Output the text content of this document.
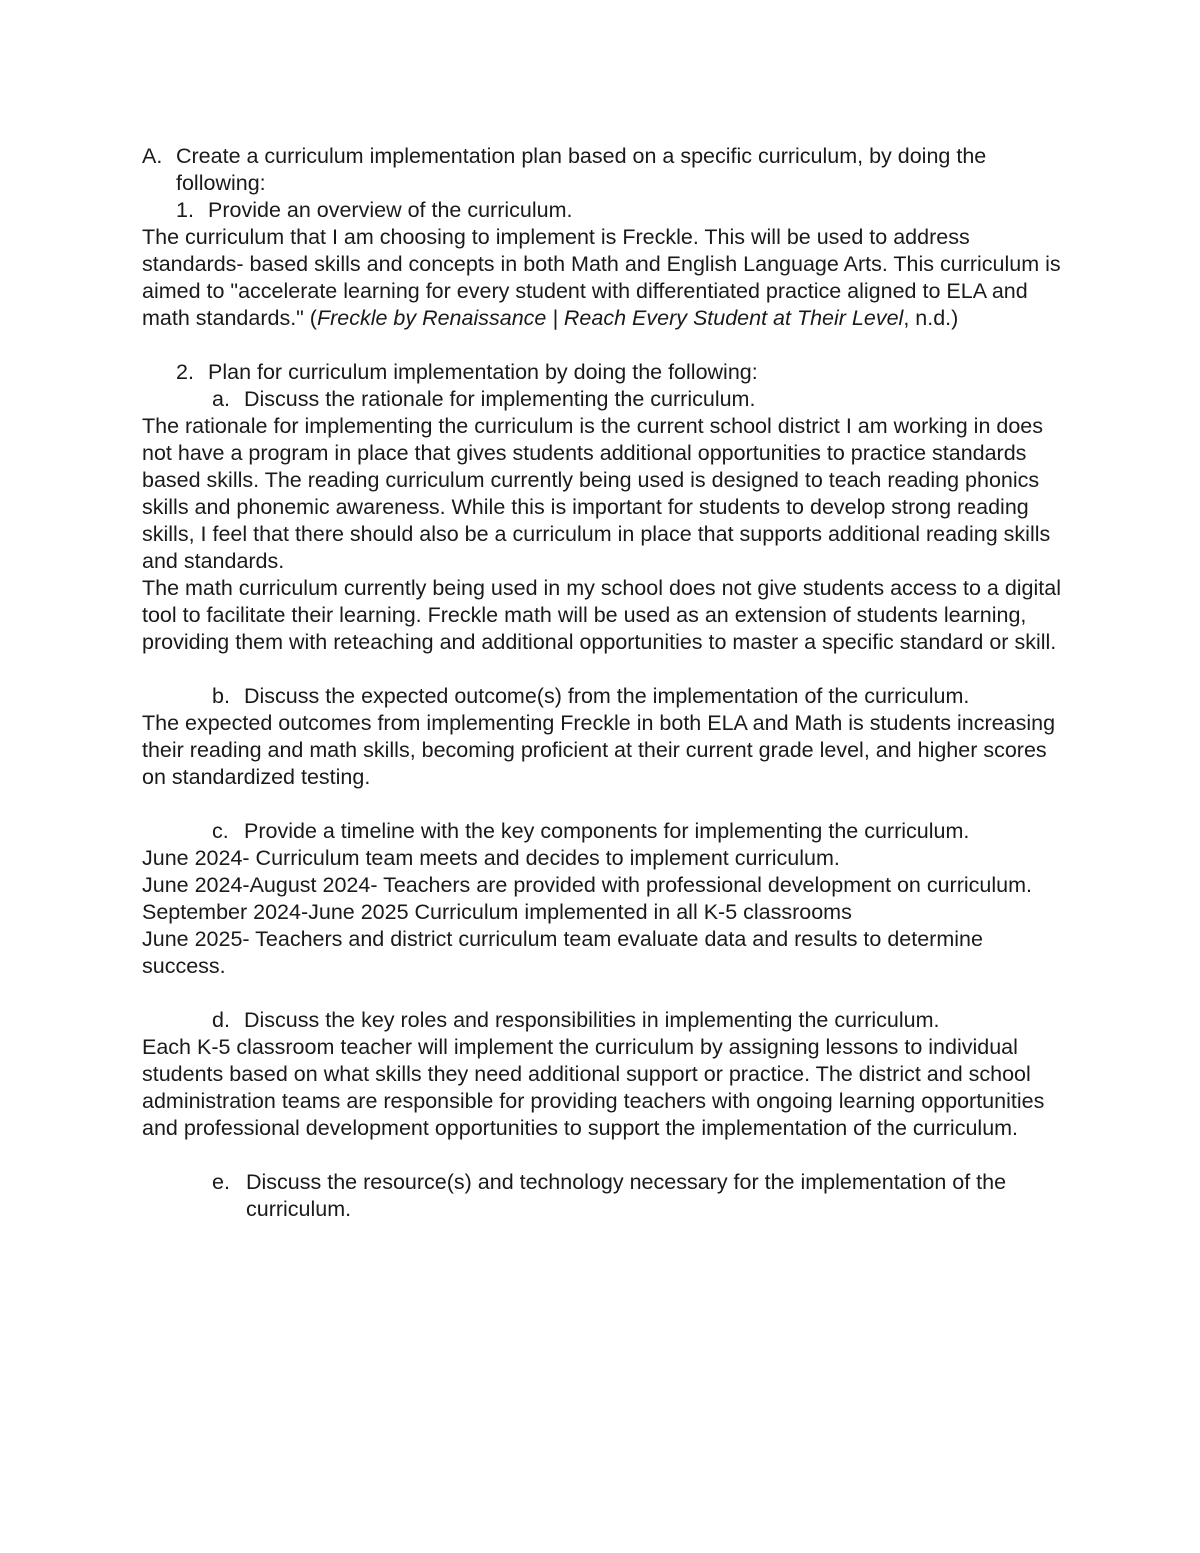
A. Create a curriculum implementation plan based on a specific curriculum, by doing the following:

1. Provide an overview of the curriculum.

The curriculum that I am choosing to implement is Freckle. This will be used to address standards- based skills and concepts in both Math and English Language Arts. This curriculum is aimed to "accelerate learning for every student with differentiated practice aligned to ELA and math standards." (Freckle by Renaissance | Reach Every Student at Their Level, n.d.)

2. Plan for curriculum implementation by doing the following:

a. Discuss the rationale for implementing the curriculum.

The rationale for implementing the curriculum is the current school district I am working in does not have a program in place that gives students additional opportunities to practice standards based skills. The reading curriculum currently being used is designed to teach reading phonics skills and phonemic awareness. While this is important for students to develop strong reading skills, I feel that there should also be a curriculum in place that supports additional reading skills and standards.

The math curriculum currently being used in my school does not give students access to a digital tool to facilitate their learning. Freckle math will be used as an extension of students learning, providing them with reteaching and additional opportunities to master a specific standard or skill.

b. Discuss the expected outcome(s) from the implementation of the curriculum.

The expected outcomes from implementing Freckle in both ELA and Math is students increasing their reading and math skills, becoming proficient at their current grade level, and higher scores on standardized testing.

c. Provide a timeline with the key components for implementing the curriculum.

June 2024- Curriculum team meets and decides to implement curriculum.

June 2024-August 2024- Teachers are provided with professional development on curriculum.

September 2024-June 2025 Curriculum implemented in all K-5 classrooms

June 2025- Teachers and district curriculum team evaluate data and results to determine success.

d. Discuss the key roles and responsibilities in implementing the curriculum.

Each K-5 classroom teacher will implement the curriculum by assigning lessons to individual students based on what skills they need additional support or practice. The district and school administration teams are responsible for providing teachers with ongoing learning opportunities and professional development opportunities to support the implementation of the curriculum.

e. Discuss the resource(s) and technology necessary for the implementation of the curriculum.
